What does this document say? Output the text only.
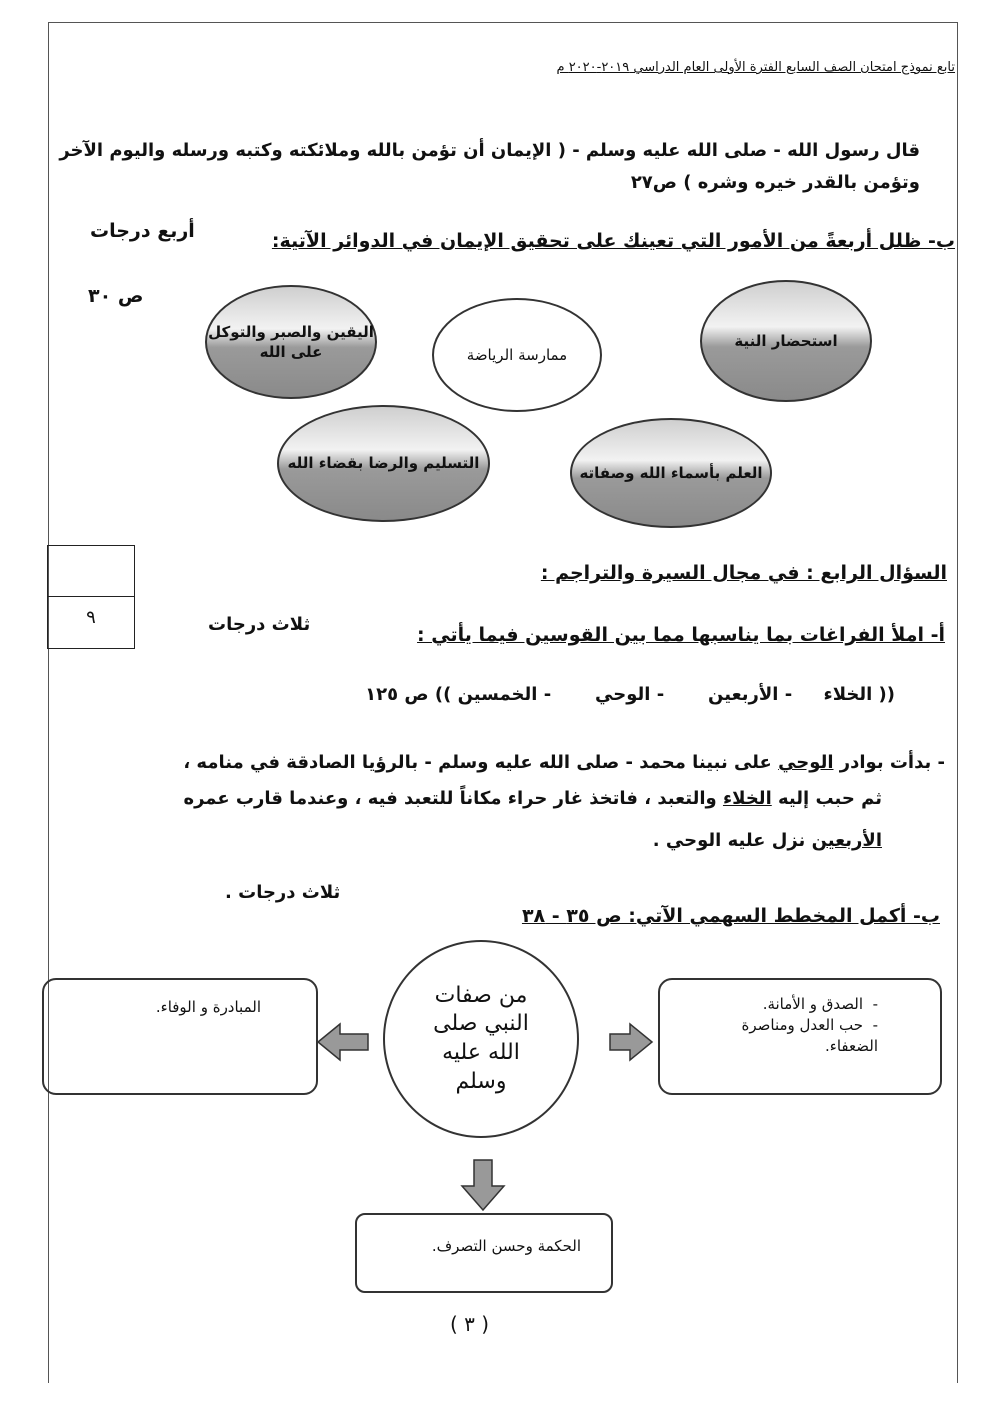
تابع نموذج امتحان الصف السابع الفترة الأولى العام الدراسي ٢٠١٩-٢٠٢٠ م
قال رسول الله - صلى الله عليه وسلم - ( الإيمان أن تؤمن بالله وملائكته وكتبه ورسله واليوم الآخر
وتؤمن بالقدر خيره وشره ) ص٢٧
ب- ظلل أربعةً من الأمور التي تعينك على تحقيق الإيمان في الدوائر الآتية:
أربع درجات
ص ٣٠
اليقين والصبر والتوكل على الله	ممارسة الرياضة
استحضار النية
التسليم والرضا بقضاء الله
العلم بأسماء الله وصفاته
٩
السؤال الرابع : في مجال السيرة والتراجم :
أ- املأ الفراغات بما يناسبها مما بين القوسين فيما يأتي :
ثلاث درجات
(( الخلاء     - الأربعين       - الوحي       - الخمسين )) ص ١٢٥
- بدأت بوادر الوحي على نبينا محمد - صلى الله عليه وسلم - بالرؤيا الصادقة في منامه ،
ثم حبب إليه الخلاء والتعبد ، فاتخذ غار حراء مكاناً للتعبد فيه ، وعندما قارب عمره
الأربعين نزل عليه الوحي .
ب- أكمل المخطط السهمي الآتي: ص ٣٥ - ٣٨
ثلاث درجات .
من صفات النبي صلى الله عليه وسلم
المبادرة و الوفاء.	-  الصدق و الأمانة.
-  حب العدل ومناصرة الضعفاء.
الحكمة وحسن التصرف.
( ٣ )
